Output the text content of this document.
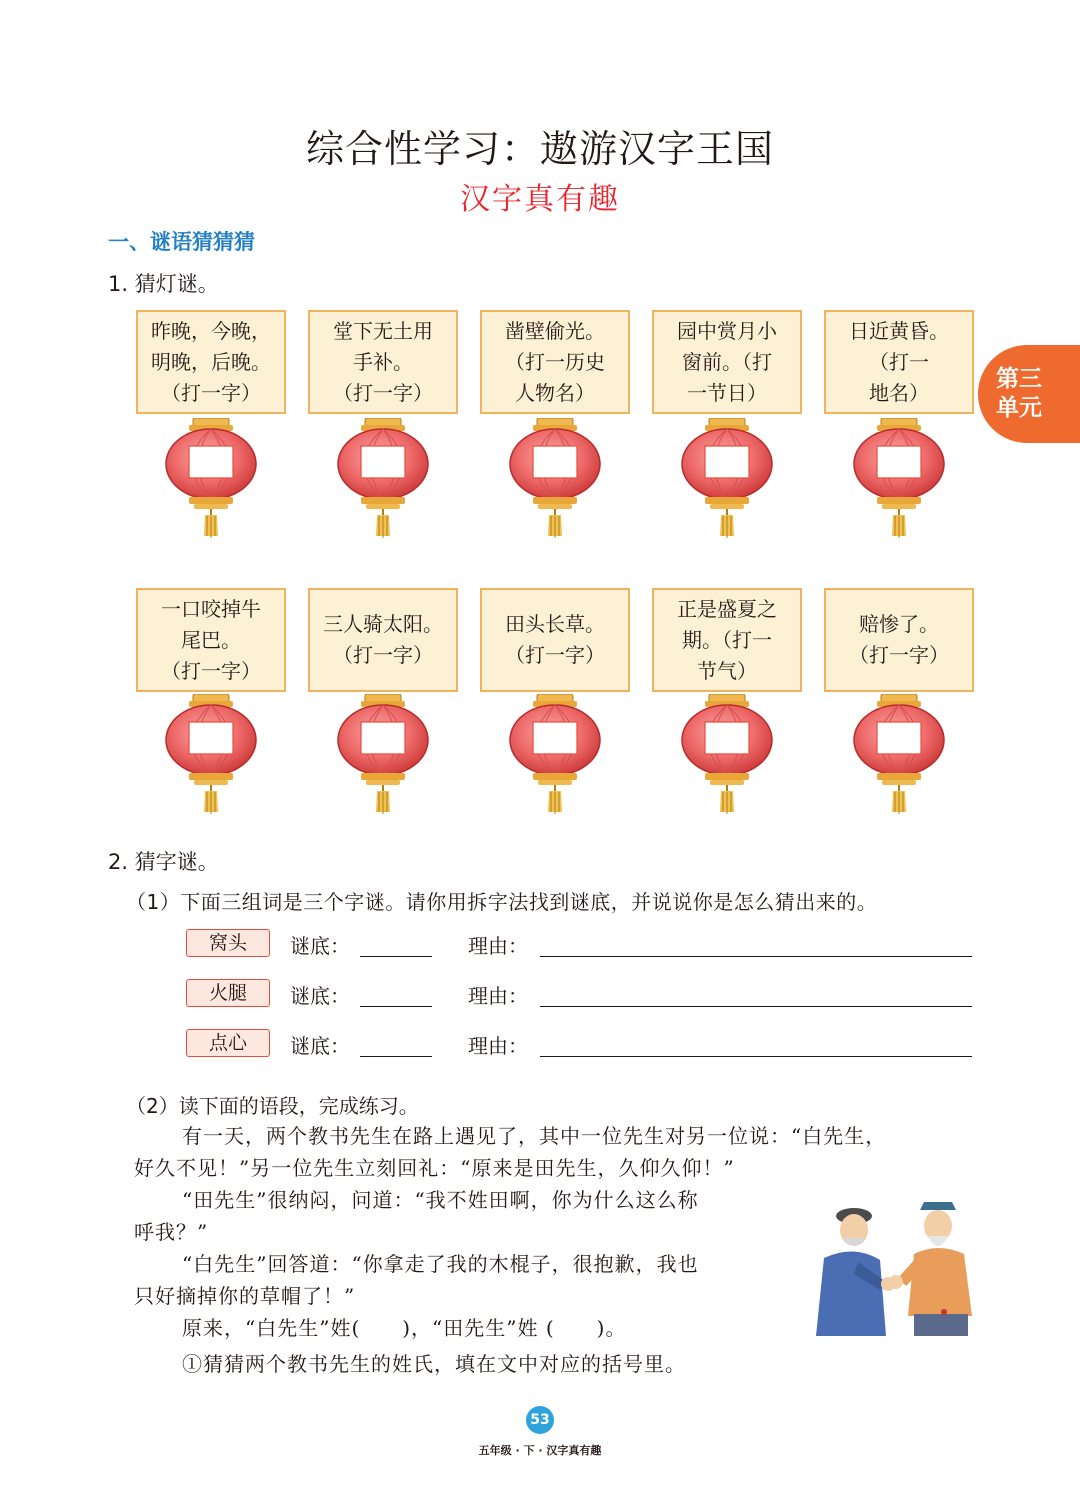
综合性学习：遨游汉字王国
汉字真有趣
第三
单元
一、谜语猜猜猜
1. 猜灯谜。
昨晚，今晚，
明晚，后晚。
（打一字）
堂下无土用
手补。
（打一字）
凿壁偷光。
（打一历史
人物名）
园中赏月小
窗前。（打
一节日）
日近黄昏。
（打一
地名）
一口咬掉牛
尾巴。
（打一字）
三人骑太阳。
（打一字）
田头长草。
（打一字）
正是盛夏之
期。（打一
节气）
赔惨了。
（打一字）
2. 猜字谜。
（1）下面三组词是三个字谜。请你用拆字法找到谜底，并说说你是怎么猜出来的。
窝头	谜底：	理由：
火腿	谜底：	理由：
点心	谜底：	理由：
（2）读下面的语段，完成练习。
有一天，两个教书先生在路上遇见了，其中一位先生对另一位说：“白先生，
好久不见！”另一位先生立刻回礼：“原来是田先生，久仰久仰！”
“田先生”很纳闷，问道：“我不姓田啊，你为什么这么称
呼我？”
“白先生”回答道：“你拿走了我的木棍子，很抱歉，我也
只好摘掉你的草帽了！”
原来，“白先生”姓(　　)，“田先生”姓 (　　)。
①猜猜两个教书先生的姓氏，填在文中对应的括号里。
53
五年级 · 下 · 汉字真有趣
